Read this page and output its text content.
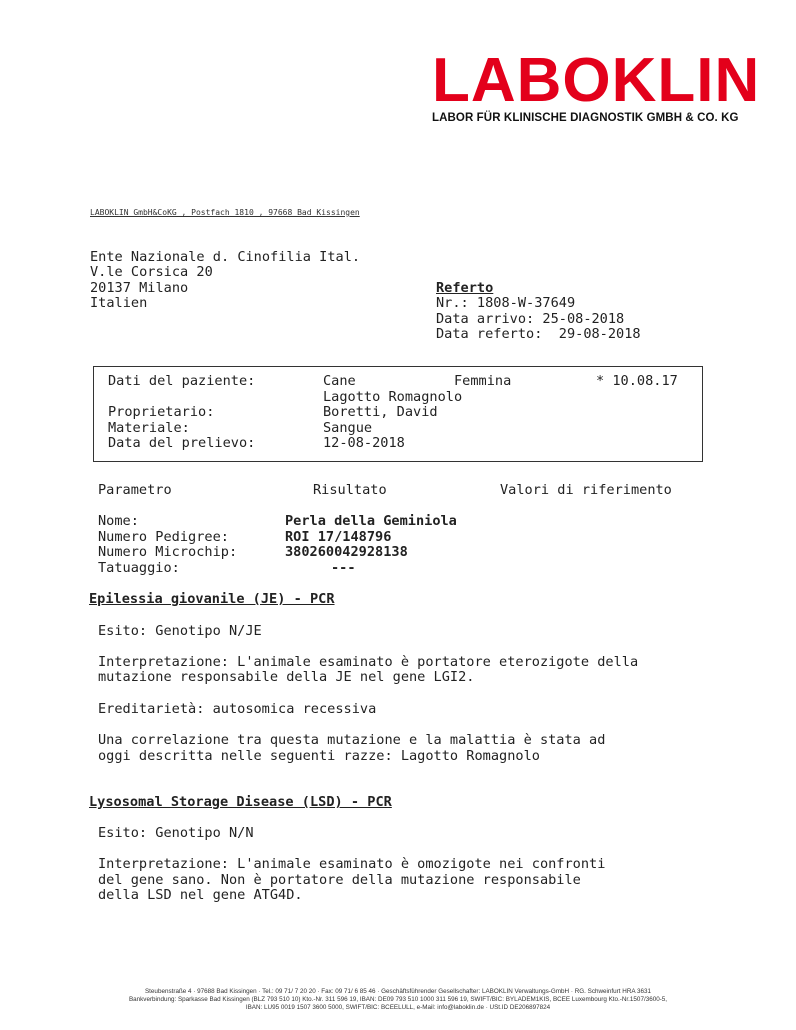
LABOKLIN
LABOR FÜR KLINISCHE DIAGNOSTIK GMBH & CO. KG
LABOKLIN GmbH&CoKG , Postfach 1810 , 97668 Bad Kissingen
Ente Nazionale d. Cinofilia Ital.
V.le Corsica 20
20137 Milano
Italien
Referto
Nr.: 1808-W-37649
Data arrivo: 25-08-2018
Data referto:  29-08-2018
Dati del paziente:	Cane	Femmina	* 10.08.17
Lagotto Romagnolo
Proprietario:	Boretti, David
Materiale:	Sangue
Data del prelievo:	12-08-2018
Parametro	Risultato	Valori di riferimento
Nome:	Perla della Geminiola
Numero Pedigree:	ROI 17/148796
Numero Microchip:	380260042928138
Tatuaggio:	---
Epilessia giovanile (JE) - PCR
Esito: Genotipo N/JE
Interpretazione: L'animale esaminato è portatore eterozigote della
mutazione responsabile della JE nel gene LGI2.
Ereditarietà: autosomica recessiva
Una correlazione tra questa mutazione e la malattia è stata ad
oggi descritta nelle seguenti razze: Lagotto Romagnolo
Lysosomal Storage Disease (LSD) - PCR
Esito: Genotipo N/N
Interpretazione: L'animale esaminato è omozigote nei confronti
del gene sano. Non è portatore della mutazione responsabile
della LSD nel gene ATG4D.
Steubenstraße 4 · 97688 Bad Kissingen · Tel.: 09 71/ 7 20 20 · Fax: 09 71/ 6 85 46 · Geschäftsführender Gesellschafter: LABOKLIN Verwaltungs-GmbH · RG. Schweinfurt HRA 3631
Bankverbindung: Sparkasse Bad Kissingen (BLZ 793 510 10) Kto.-Nr. 311 596 19, IBAN: DE09 793 510 1000 311 596 19, SWIFT/BIC: BYLADEM1KIS, BCEE Luxembourg Kto.-Nr.1507/3600-5,
IBAN: LU95 0019 1507 3600 5000, SWIFT/BIC: BCEELULL, e-Mail: info@laboklin.de · USt.ID DE206897824
